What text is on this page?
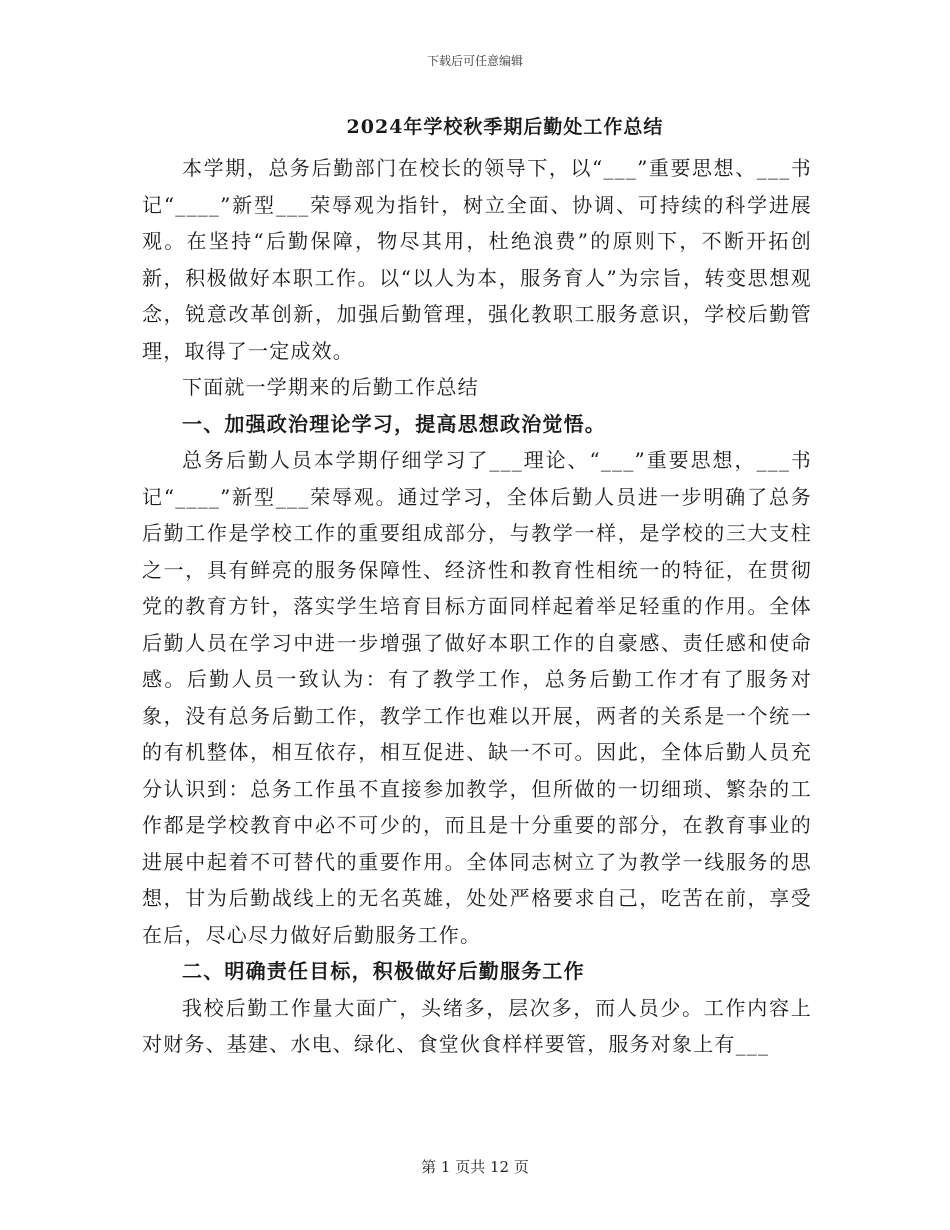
下载后可任意编辑
2024年学校秋季期后勤处工作总结

本学期，总务后勤部门在校长的领导下，以“___”重要思想、___书记“____”新型___荣辱观为指针，树立全面、协调、可持续的科学进展观。在坚持“后勤保障，物尽其用，杜绝浪费”的原则下，不断开拓创新，积极做好本职工作。以“以人为本，服务育人”为宗旨，转变思想观念，锐意改革创新，加强后勤管理，强化教职工服务意识，学校后勤管理，取得了一定成效。

下面就一学期来的后勤工作总结

一、加强政治理论学习，提高思想政治觉悟。

总务后勤人员本学期仔细学习了___理论、“___”重要思想，___书记“____”新型___荣辱观。通过学习，全体后勤人员进一步明确了总务后勤工作是学校工作的重要组成部分，与教学一样，是学校的三大支柱之一，具有鲜亮的服务保障性、经济性和教育性相统一的特征，在贯彻党的教育方针，落实学生培育目标方面同样起着举足轻重的作用。全体后勤人员在学习中进一步增强了做好本职工作的自豪感、责任感和使命感。后勤人员一致认为：有了教学工作，总务后勤工作才有了服务对象，没有总务后勤工作，教学工作也难以开展，两者的关系是一个统一的有机整体，相互依存，相互促进、缺一不可。因此，全体后勤人员充分认识到：总务工作虽不直接参加教学，但所做的一切细琐、繁杂的工作都是学校教育中必不可少的，而且是十分重要的部分，在教育事业的进展中起着不可替代的重要作用。全体同志树立了为教学一线服务的思想，甘为后勤战线上的无名英雄，处处严格要求自己，吃苦在前，享受在后，尽心尽力做好后勤服务工作。

二、明确责任目标，积极做好后勤服务工作

我校后勤工作量大面广，头绪多，层次多，而人员少。工作内容上对财务、基建、水电、绿化、食堂伙食样样要管，服务对象上有___

第 1 页共 12 页
